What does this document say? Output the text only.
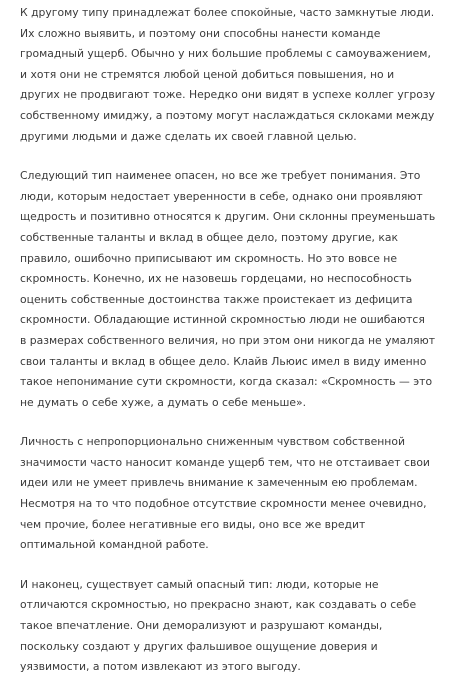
К другому типу принадлежат более спокойные, часто замкнутые люди.
Их сложно выявить, и поэтому они способны нанести команде
громадный ущерб. Обычно у них большие проблемы с самоуважением,
и хотя они не стремятся любой ценой добиться повышения, но и
других не продвигают тоже. Нередко они видят в успехе коллег угрозу
собственному имиджу, а поэтому могут наслаждаться склоками между
другими людьми и даже сделать их своей главной целью.

Следующий тип наименее опасен, но все же требует понимания. Это
люди, которым недостает уверенности в себе, однако они проявляют
щедрость и позитивно относятся к другим. Они склонны преуменьшать
собственные таланты и вклад в общее дело, поэтому другие, как
правило, ошибочно приписывают им скромность. Но это вовсе не
скромность. Конечно, их не назовешь гордецами, но неспособность
оценить собственные достоинства также проистекает из дефицита
скромности. Обладающие истинной скромностью люди не ошибаются
в размерах собственного величия, но при этом они никогда не умаляют
свои таланты и вклад в общее дело. Клайв Льюис имел в виду именно
такое непонимание сути скромности, когда сказал: «Скромность — это
не думать о себе хуже, а думать о себе меньше».

Личность с непропорционально сниженным чувством собственной
значимости часто наносит команде ущерб тем, что не отстаивает свои
идеи или не умеет привлечь внимание к замеченным ею проблемам.
Несмотря на то что подобное отсутствие скромности менее очевидно,
чем прочие, более негативные его виды, оно все же вредит
оптимальной командной работе.

И наконец, существует самый опасный тип: люди, которые не
отличаются скромностью, но прекрасно знают, как создавать о себе
такое впечатление. Они деморализуют и разрушают команды,
поскольку создают у других фальшивое ощущение доверия и
уязвимости, а потом извлекают из этого выгоду.
